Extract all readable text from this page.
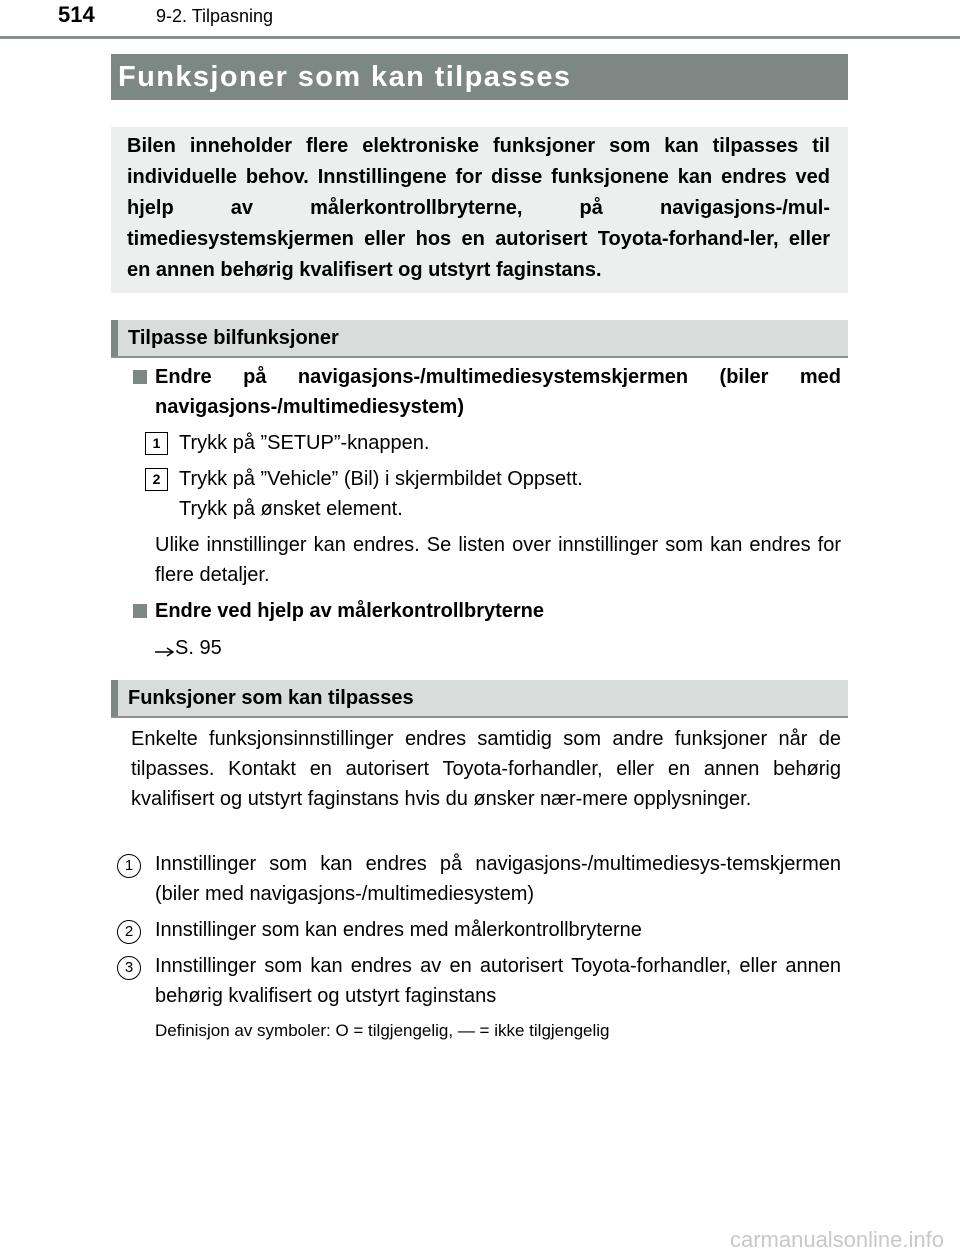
514	9-2. Tilpasning
Funksjoner som kan tilpasses

Bilen inneholder flere elektroniske funksjoner som kan tilpasses til individuelle behov. Innstillingene for disse funksjonene kan endres ved hjelp av målerkontrollbryterne, på navigasjons-/mul-timediesystemskjermen eller hos en autorisert Toyota-forhand-ler, eller en annen behørig kvalifisert og utstyrt faginstans.

Tilpasse bilfunksjoner

Endre på navigasjons-/multimediesystemskjermen (biler med navigasjons-/multimediesystem)

1 Trykk på ”SETUP”-knappen.

2 Trykk på ”Vehicle” (Bil) i skjermbildet Oppsett.

Trykk på ønsket element.

Ulike innstillinger kan endres. Se listen over innstillinger som kan endres for flere detaljer.

Endre ved hjelp av målerkontrollbryterne

S. 95

Funksjoner som kan tilpasses

Enkelte funksjonsinnstillinger endres samtidig som andre funksjoner når de tilpasses. Kontakt en autorisert Toyota-forhandler, eller en annen behørig kvalifisert og utstyrt faginstans hvis du ønsker nær-mere opplysninger.

1	Innstillinger som kan endres på navigasjons-/multimediesys-temskjermen (biler med navigasjons-/multimediesystem)

2	Innstillinger som kan endres med målerkontrollbryterne

3	Innstillinger som kan endres av en autorisert Toyota-forhandler, eller annen behørig kvalifisert og utstyrt faginstans

Definisjon av symboler: O = tilgjengelig, — = ikke tilgjengelig

carmanualsonline.info
